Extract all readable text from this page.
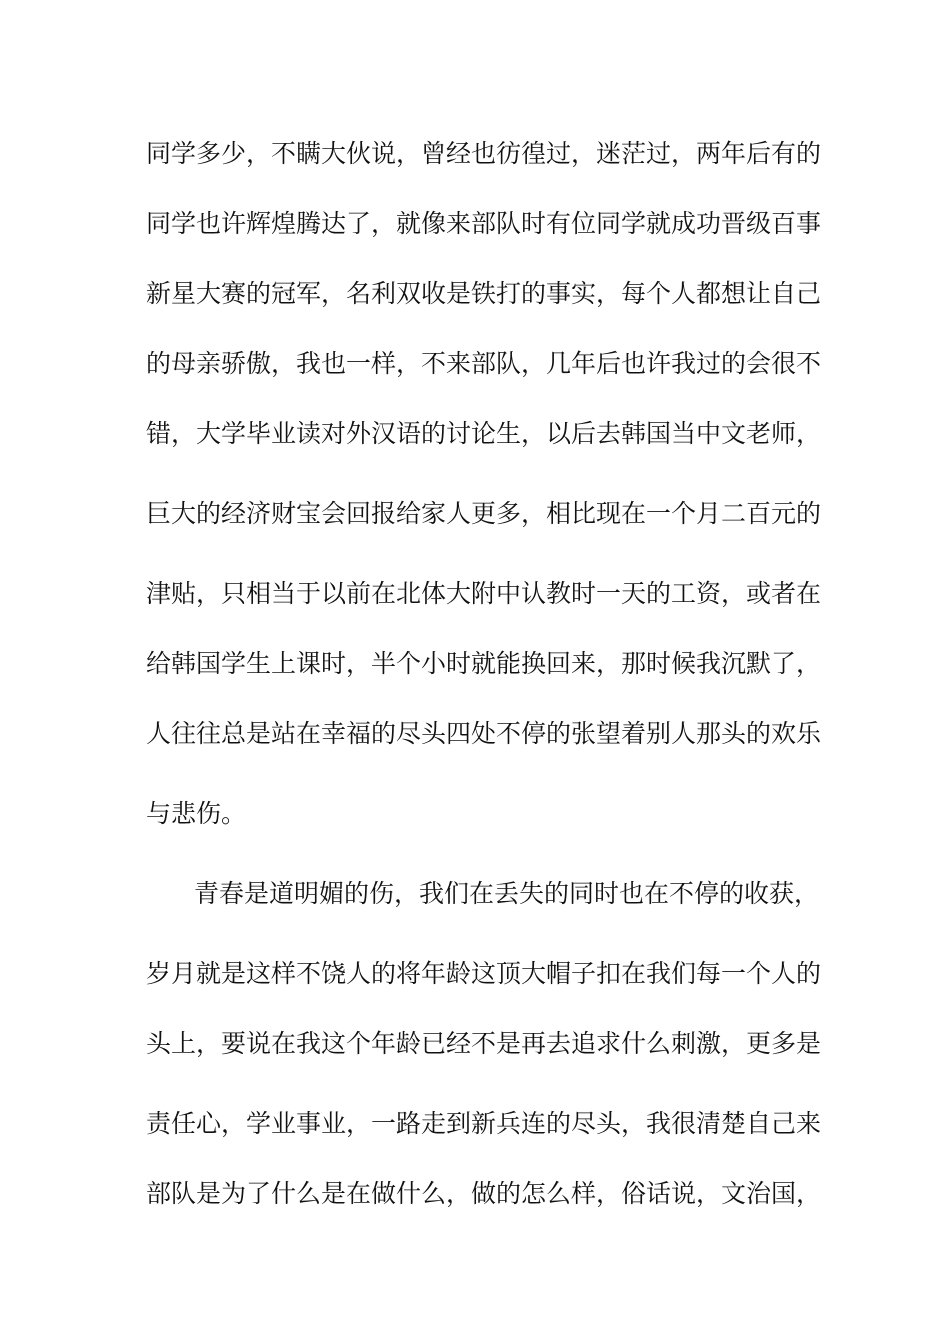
同学多少，不瞒大伙说，曾经也彷徨过，迷茫过，两年后有的
同学也许辉煌腾达了，就像来部队时有位同学就成功晋级百事
新星大赛的冠军，名利双收是铁打的事实，每个人都想让自己
的母亲骄傲，我也一样，不来部队，几年后也许我过的会很不
错，大学毕业读对外汉语的讨论生，以后去韩国当中文老师，
巨大的经济财宝会回报给家人更多，相比现在一个月二百元的
津贴，只相当于以前在北体大附中认教时一天的工资，或者在
给韩国学生上课时，半个小时就能换回来，那时候我沉默了，
人往往总是站在幸福的尽头四处不停的张望着别人那头的欢乐
与悲伤。
青春是道明媚的伤，我们在丢失的同时也在不停的收获，
岁月就是这样不饶人的将年龄这顶大帽子扣在我们每一个人的
头上，要说在我这个年龄已经不是再去追求什么刺激，更多是
责任心，学业事业，一路走到新兵连的尽头，我很清楚自己来
部队是为了什么是在做什么，做的怎么样，俗话说，文治国，
